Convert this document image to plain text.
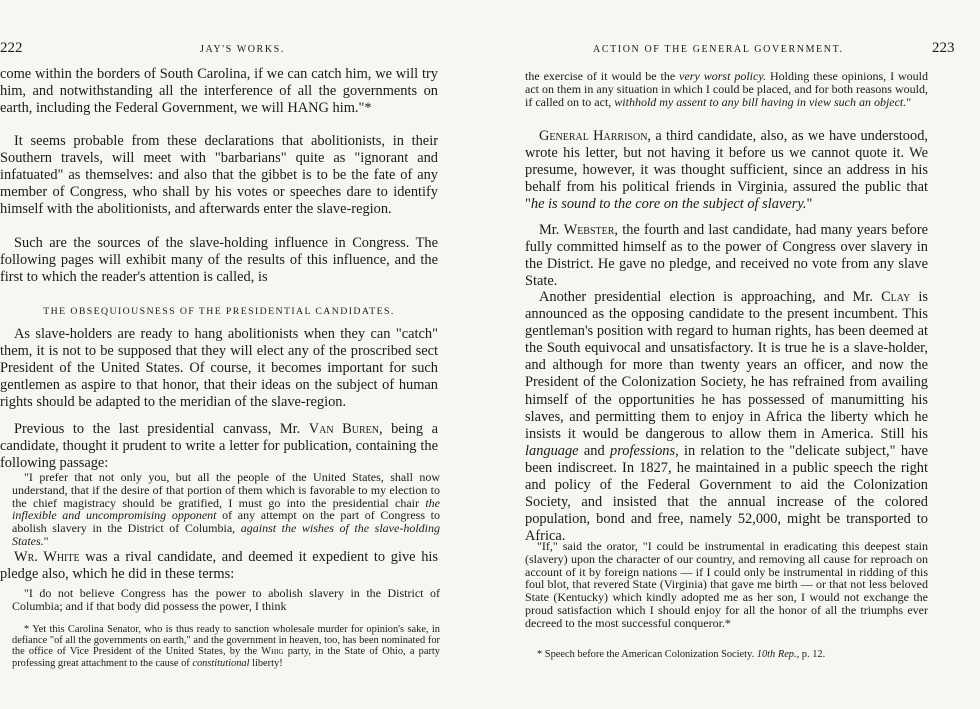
222	JAY'S WORKS.

come within the borders of South Carolina, if we can catch him, we will try him, and notwithstanding all the interference of all the governments on earth, including the Federal Government, we will HANG him."*

It seems probable from these declarations that abolitionists, in their Southern travels, will meet with "barbarians" quite as "ignorant and infatuated" as themselves: and also that the gibbet is to be the fate of any member of Congress, who shall by his votes or speeches dare to identify himself with the abolitionists, and afterwards enter the slave-region.

Such are the sources of the slave-holding influence in Congress. The following pages will exhibit many of the results of this influence, and the first to which the reader's attention is called, is

THE OBSEQUIOUSNESS OF THE PRESIDENTIAL CANDIDATES.

As slave-holders are ready to hang abolitionists when they can "catch" them, it is not to be supposed that they will elect any of the proscribed sect President of the United States. Of course, it becomes important for such gentlemen as aspire to that honor, that their ideas on the subject of human rights should be adapted to the meridian of the slave-region.

Previous to the last presidential canvass, Mr. Van Buren, being a candidate, thought it prudent to write a letter for publication, containing the following passage:

"I prefer that not only you, but all the people of the United States, shall now understand, that if the desire of that portion of them which is favorable to my election to the chief magistracy should be gratified, I must go into the presidential chair the inflexible and uncompromising opponent of any attempt on the part of Congress to abolish slavery in the District of Columbia, against the wishes of the slave-holding States."

Wr. White was a rival candidate, and deemed it expedient to give his pledge also, which he did in these terms:

"I do not believe Congress has the power to abolish slavery in the District of Columbia; and if that body did possess the power, I think

* Yet this Carolina Senator, who is thus ready to sanction wholesale murder for opinion's sake, in defiance "of all the governments on earth," and the government in heaven, too, has been nominated for the office of Vice President of the United States, by the Whig party, in the State of Ohio, a party professing great attachment to the cause of constitutional liberty!

ACTION OF THE GENERAL GOVERNMENT.	223

the exercise of it would be the very worst policy. Holding these opinions, I would act on them in any situation in which I could be placed, and for both reasons would, if called on to act, withhold my assent to any bill having in view such an object."

General Harrison, a third candidate, also, as we have understood, wrote his letter, but not having it before us we cannot quote it. We presume, however, it was thought sufficient, since an address in his behalf from his political friends in Virginia, assured the public that "he is sound to the core on the subject of slavery."

Mr. Webster, the fourth and last candidate, had many years before fully committed himself as to the power of Congress over slavery in the District. He gave no pledge, and received no vote from any slave State.

Another presidential election is approaching, and Mr. Clay is announced as the opposing candidate to the present incumbent. This gentleman's position with regard to human rights, has been deemed at the South equivocal and unsatisfactory. It is true he is a slave-holder, and although for more than twenty years an officer, and now the President of the Colonization Society, he has refrained from availing himself of the opportunities he has possessed of manumitting his slaves, and permitting them to enjoy in Africa the liberty which he insists it would be dangerous to allow them in America. Still his language and professions, in relation to the "delicate subject," have been indiscreet. In 1827, he maintained in a public speech the right and policy of the Federal Government to aid the Colonization Society, and insisted that the annual increase of the colored population, bond and free, namely 52,000, might be transported to Africa.

"If," said the orator, "I could be instrumental in eradicating this deepest stain (slavery) upon the character of our country, and removing all cause for reproach on account of it by foreign nations — if I could only be instrumental in ridding of this foul blot, that revered State (Virginia) that gave me birth — or that not less beloved State (Kentucky) which kindly adopted me as her son, I would not exchange the proud satisfaction which I should enjoy for all the honor of all the triumphs ever decreed to the most successful conqueror.*

* Speech before the American Colonization Society. 10th Rep., p. 12.
